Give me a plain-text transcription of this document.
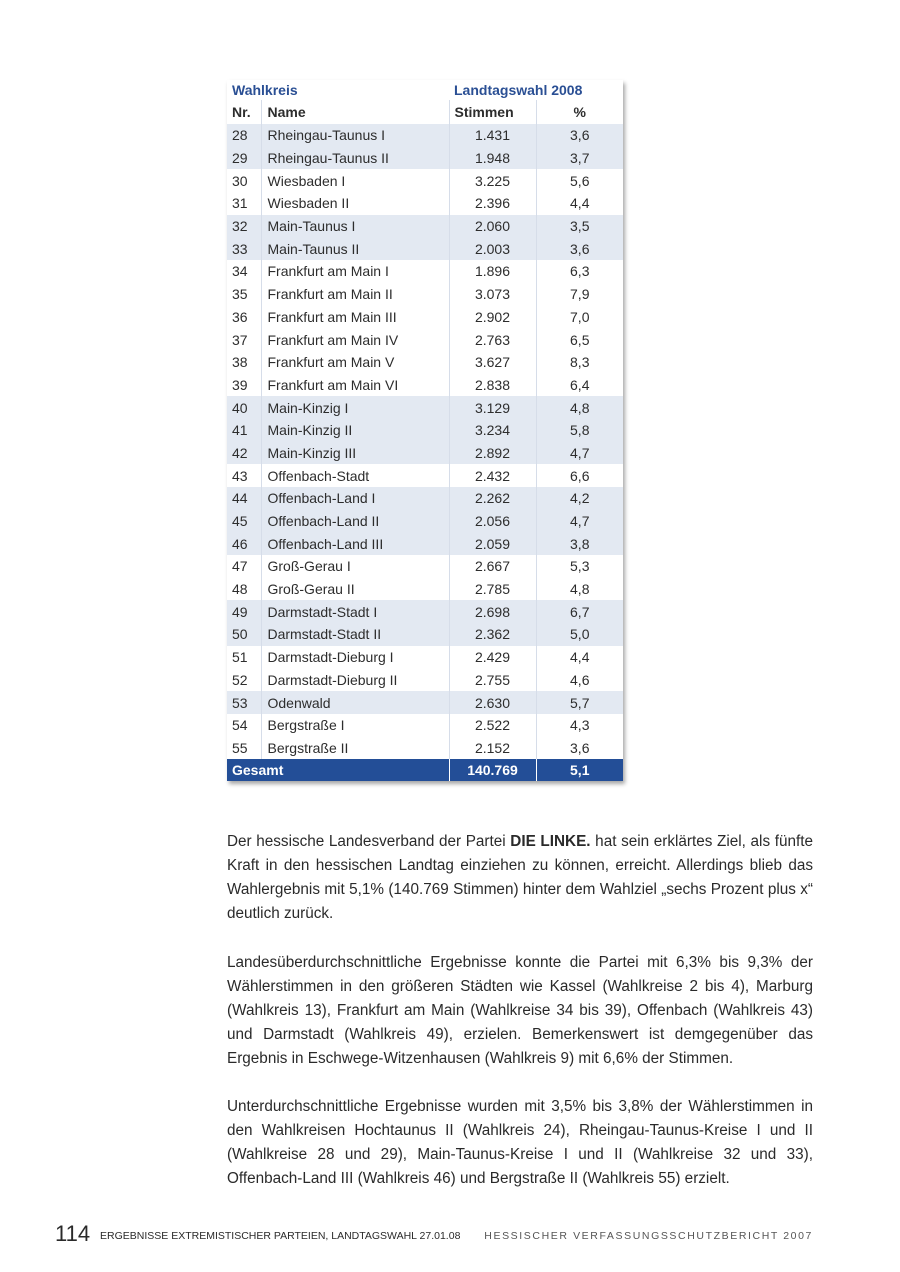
Wahlkreis		Landtagswahl 2008	
Nr.	Name	Stimmen	%
28	Rheingau-Taunus I	1.431	3,6
29	Rheingau-Taunus II	1.948	3,7
30	Wiesbaden I	3.225	5,6
31	Wiesbaden II	2.396	4,4
32	Main-Taunus I	2.060	3,5
33	Main-Taunus II	2.003	3,6
34	Frankfurt am Main I	1.896	6,3
35	Frankfurt am Main II	3.073	7,9
36	Frankfurt am Main III	2.902	7,0
37	Frankfurt am Main IV	2.763	6,5
38	Frankfurt am Main V	3.627	8,3
39	Frankfurt am Main VI	2.838	6,4
40	Main-Kinzig I	3.129	4,8
41	Main-Kinzig II	3.234	5,8
42	Main-Kinzig III	2.892	4,7
43	Offenbach-Stadt	2.432	6,6
44	Offenbach-Land I	2.262	4,2
45	Offenbach-Land II	2.056	4,7
46	Offenbach-Land III	2.059	3,8
47	Groß-Gerau I	2.667	5,3
48	Groß-Gerau II	2.785	4,8
49	Darmstadt-Stadt I	2.698	6,7
50	Darmstadt-Stadt II	2.362	5,0
51	Darmstadt-Dieburg I	2.429	4,4
52	Darmstadt-Dieburg II	2.755	4,6
53	Odenwald	2.630	5,7
54	Bergstraße I	2.522	4,3
55	Bergstraße II	2.152	3,6
Gesamt		140.769	5,1
Der hessische Landesverband der Partei DIE LINKE. hat sein erklärtes Ziel, als fünfte Kraft in den hessischen Landtag einziehen zu können, erreicht. Allerdings blieb das Wahlergebnis mit 5,1% (140.769 Stimmen) hinter dem Wahlziel „sechs Prozent plus x“ deutlich zurück.
Landesüberdurchschnittliche Ergebnisse konnte die Partei mit 6,3% bis 9,3% der Wählerstimmen in den größeren Städten wie Kassel (Wahlkreise 2 bis 4), Marburg (Wahlkreis 13), Frankfurt am Main (Wahlkreise 34 bis 39), Offenbach (Wahlkreis 43) und Darmstadt (Wahlkreis 49), erzielen. Bemerkenswert ist demgegenüber das Ergebnis in Eschwege-Witzenhausen (Wahlkreis 9) mit 6,6% der Stimmen.
Unterdurchschnittliche Ergebnisse wurden mit 3,5% bis 3,8% der Wählerstimmen in den Wahlkreisen Hochtaunus II (Wahlkreis 24), Rheingau-Taunus-Kreise I und II (Wahlkreise 28 und 29), Main-Taunus-Kreise I und II (Wahlkreise 32 und 33), Offenbach-Land III (Wahlkreis 46) und Bergstraße II (Wahlkreis 55) erzielt.
114 ERGEBNISSE EXTREMISTISCHER PARTEIEN, LANDTAGSWAHL 27.01.08 HESSISCHER VERFASSUNGSSCHUTZBERICHT 2007
